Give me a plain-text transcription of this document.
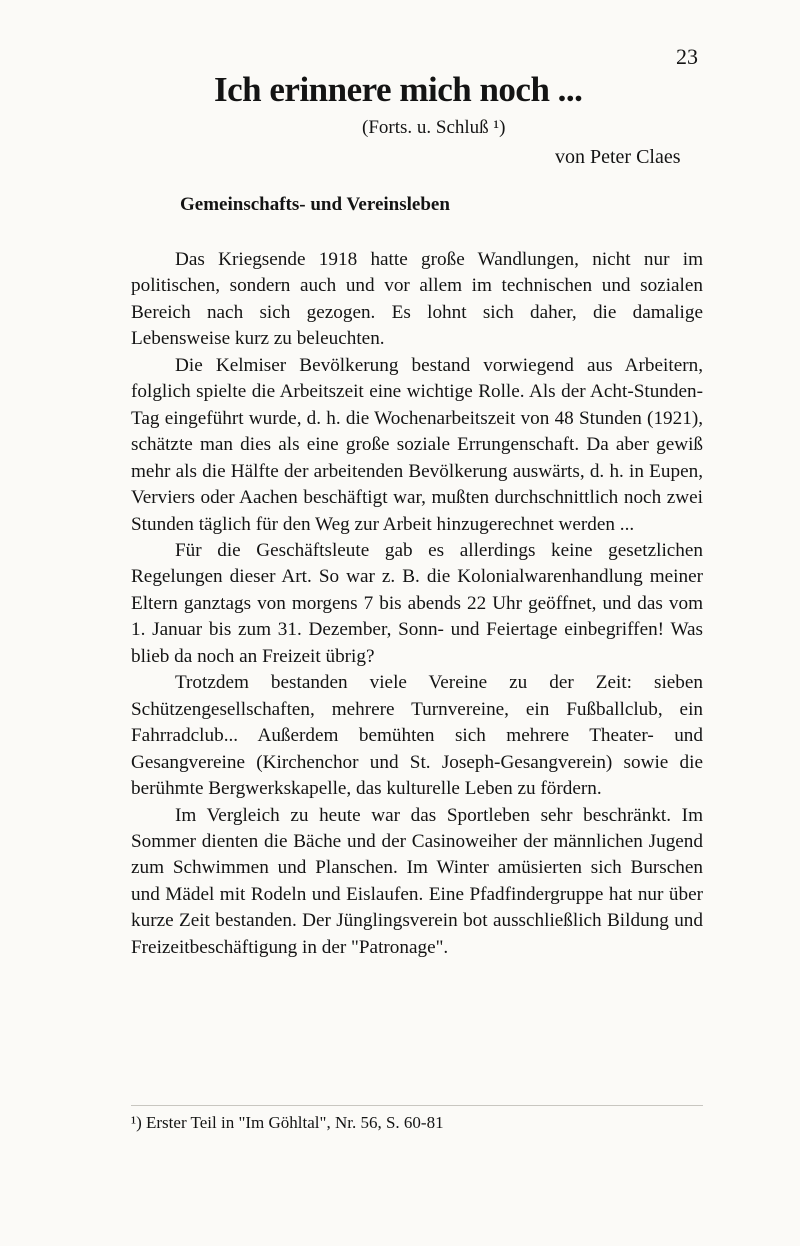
23
Ich erinnere mich noch ...
(Forts. u. Schluß ¹)
von Peter Claes
Gemeinschafts- und Vereinsleben

Das Kriegsende 1918 hatte große Wandlungen, nicht nur im politischen, sondern auch und vor allem im technischen und sozialen Bereich nach sich gezogen. Es lohnt sich daher, die damalige Lebensweise kurz zu beleuchten.

Die Kelmiser Bevölkerung bestand vorwiegend aus Arbeitern, folglich spielte die Arbeitszeit eine wichtige Rolle. Als der Acht-Stunden-Tag eingeführt wurde, d. h. die Wochenarbeitszeit von 48 Stunden (1921), schätzte man dies als eine große soziale Errungenschaft. Da aber gewiß mehr als die Hälfte der arbeitenden Bevölkerung auswärts, d. h. in Eupen, Verviers oder Aachen beschäftigt war, mußten durchschnittlich noch zwei Stunden täglich für den Weg zur Arbeit hinzugerechnet werden ...

Für die Geschäftsleute gab es allerdings keine gesetzlichen Regelungen dieser Art. So war z. B. die Kolonialwarenhandlung meiner Eltern ganztags von morgens 7 bis abends 22 Uhr geöffnet, und das vom 1. Januar bis zum 31. Dezember, Sonn- und Feiertage einbegriffen! Was blieb da noch an Freizeit übrig?

Trotzdem bestanden viele Vereine zu der Zeit: sieben Schützengesellschaften, mehrere Turnvereine, ein Fußballclub, ein Fahrradclub... Außerdem bemühten sich mehrere Theater- und Gesangvereine (Kirchenchor und St. Joseph-Gesangverein) sowie die berühmte Bergwerkskapelle, das kulturelle Leben zu fördern.

Im Vergleich zu heute war das Sportleben sehr beschränkt. Im Sommer dienten die Bäche und der Casinoweiher der männlichen Jugend zum Schwimmen und Planschen. Im Winter amüsierten sich Burschen und Mädel mit Rodeln und Eislaufen. Eine Pfadfindergruppe hat nur über kurze Zeit bestanden. Der Jünglingsverein bot ausschließlich Bildung und Freizeitbeschäftigung in der "Patronage".

¹) Erster Teil in "Im Göhltal", Nr. 56, S. 60-81
